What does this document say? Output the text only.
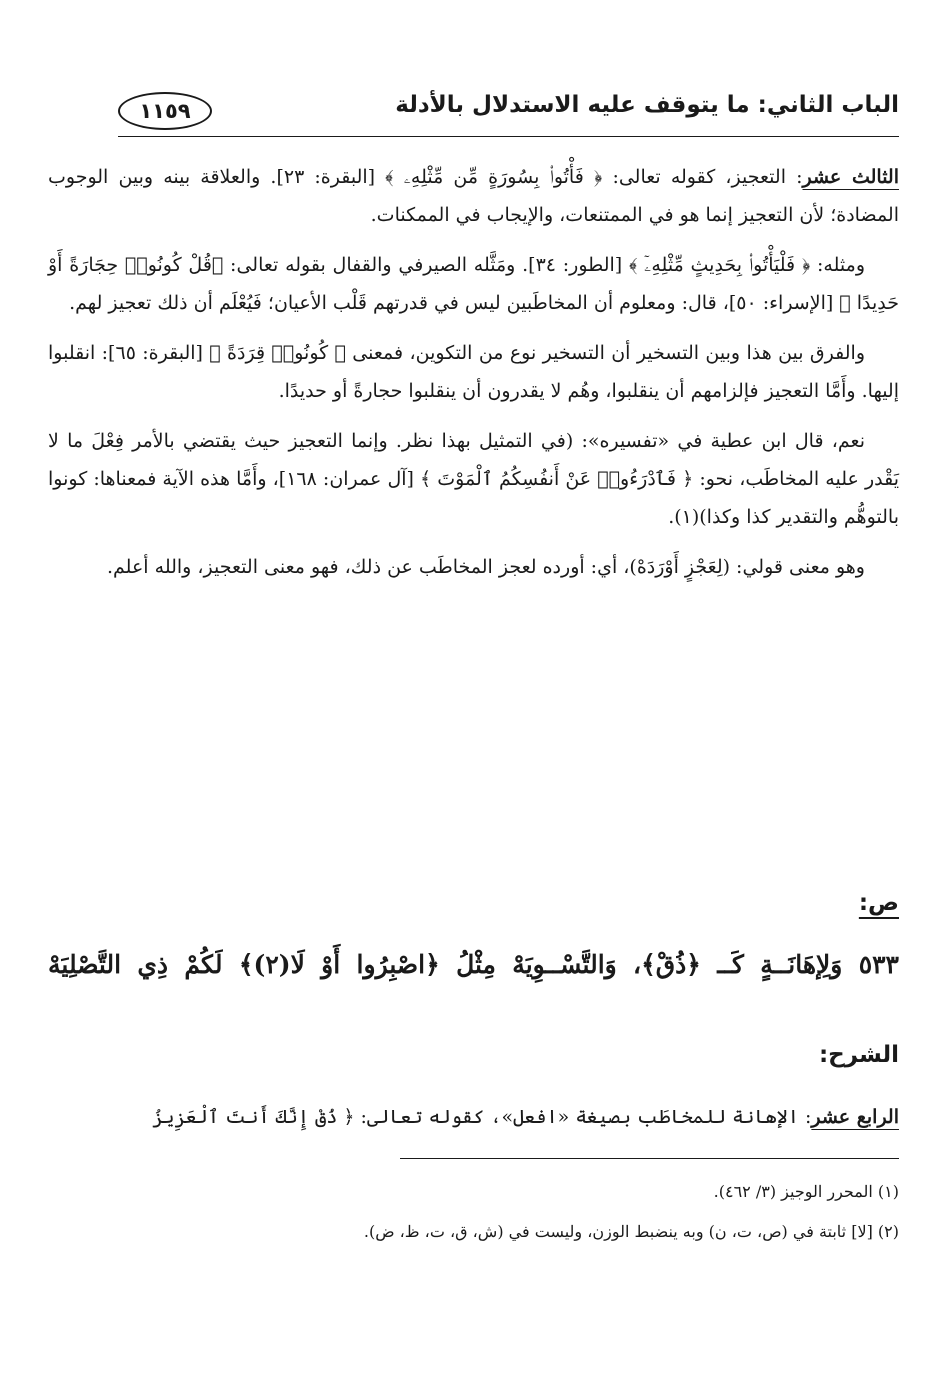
الباب الثاني: ما يتوقف عليه الاستدلال بالأدلة
١١٥٩

الثالث عشر: التعجيز، كقوله تعالى: ﴿ فَأْتُوا۟ بِسُورَةٍ مِّن مِّثْلِهِۦ ﴾ [البقرة: ٢٣]. والعلاقة بينه وبين الوجوب المضادة؛ لأن التعجيز إنما هو في الممتنعات، والإيجاب في الممكنات.

ومثله: ﴿ فَلْيَأْتُوا۟ بِحَدِيثٍ مِّثْلِهِۦٓ ﴾ [الطور: ٣٤]. ومَثَّله الصيرفي والقفال بقوله تعالى: ﴿قُلْ كُونُوا۟ حِجَارَةً أَوْ حَدِيدًا ﴾ [الإسراء: ٥٠]، قال: ومعلوم أن المخاطَبين ليس في قدرتهم قَلْب الأعيان؛ فَيُعْلَم أن ذلك تعجيز لهم.

والفرق بين هذا وبين التسخير أن التسخير نوع من التكوين، فمعنى ﴿ كُونُوا۟ قِرَدَةً ﴾ [البقرة: ٦٥]: انقلبوا إليها. وأَمَّا التعجيز فإلزامهم أن ينقلبوا، وهُم لا يقدرون أن ينقلبوا حجارةً أو حديدًا.

نعم، قال ابن عطية في «تفسيره»: (في التمثيل بهذا نظر. وإنما التعجيز حيث يقتضي بالأمر فِعْلَ ما لا يَقْدر عليه المخاطَب، نحو: ﴿ فَٱدْرَءُوا۟ عَنْ أَنفُسِكُمُ ٱلْمَوْتَ ﴾ [آل عمران: ١٦٨]، وأَمَّا هذه الآية فمعناها: كونوا بالتوهُّم والتقدير كذا وكذا)(١).

وهو معنى قولي: (لِعَجْزٍ أَوْرَدَهْ)، أي: أورده لعجز المخاطَب عن ذلك، فهو معنى التعجيز، والله أعلم.

ص:
٥٣٣ وَلِإهَانَــةٍ كَــ ﴿ذُقْ﴾، وَالتَّسْــوِيَهْ مِثْلُ ﴿اصْبِرُوا أَوْ لَا(٢)﴾ لَكُمْ ذِي التَّصْلِيَهْ
الشرح:
الرابع عشر: الإهانة للمخاطَب بصيغة «افعل»، كقوله تعالى: ﴿ ذُقْ إِنَّكَ أَنتَ ٱلْعَزِيزُ

(١) المحرر الوجيز (٣/ ٤٦٢).

(٢) [لا] ثابتة في (ص، ت، ن) وبه ينضبط الوزن، وليست في (ش، ق، ت، ظ، ض).
